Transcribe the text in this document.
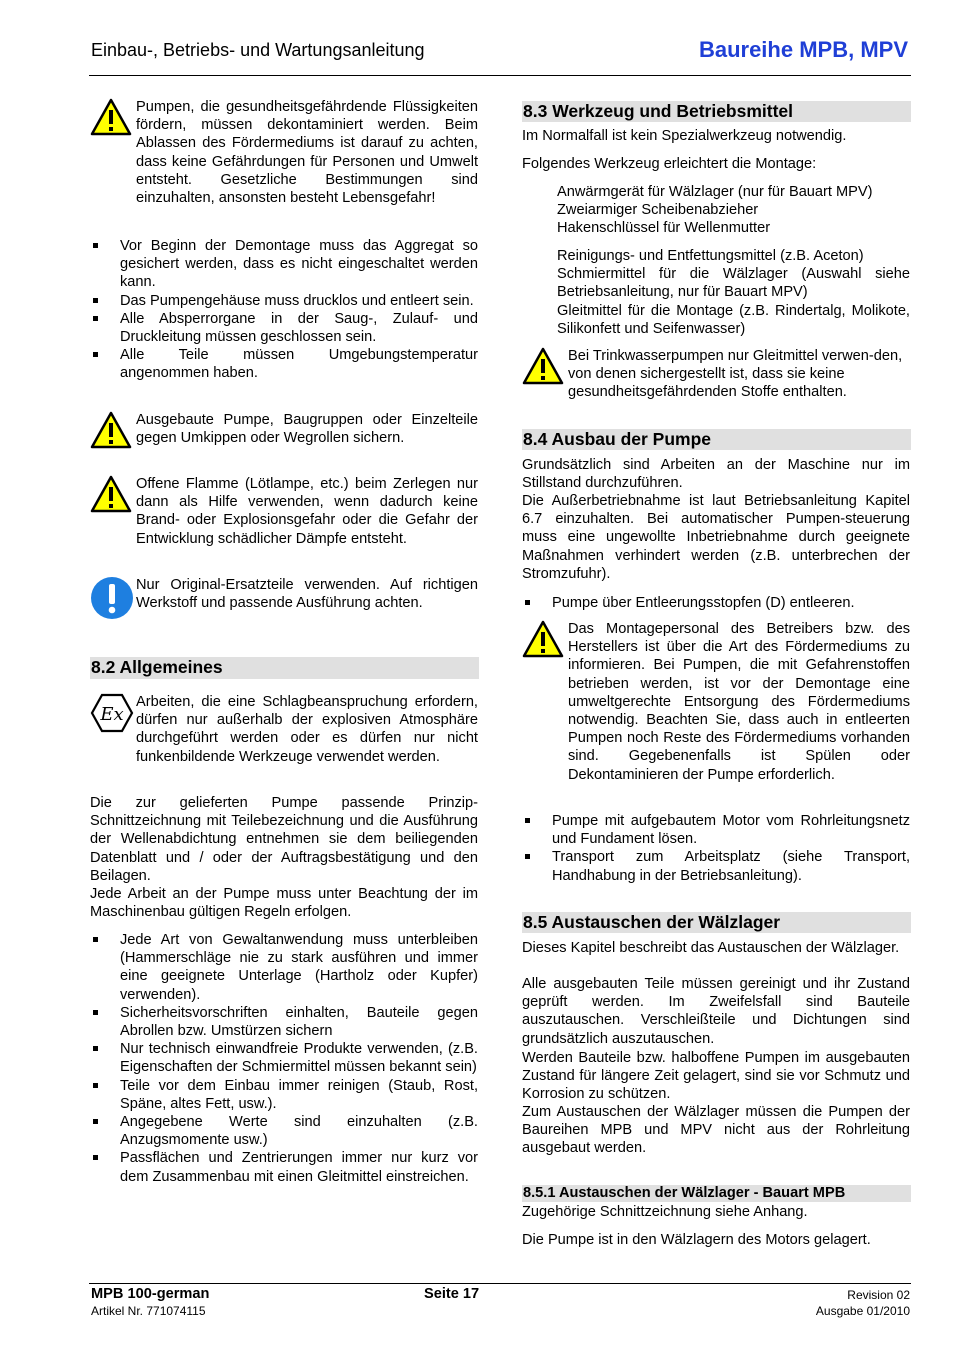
Einbau-, Betriebs- und Wartungsanleitung	Baureihe MPB, MPV

Pumpen, die gesundheitsgefährdende Flüssigkeiten fördern, müssen dekontaminiert werden. Beim Ablassen des Fördermediums ist darauf zu achten, dass keine Gefährdungen für Personen und Umwelt entsteht. Gesetzliche Bestimmungen sind einzuhalten, ansonsten besteht Lebensgefahr!

Vor Beginn der Demontage muss das Aggregat so gesichert werden, dass es nicht eingeschaltet werden kann.
Das Pumpengehäuse muss drucklos und entleert sein.
Alle Absperrorgane in der Saug-, Zulauf- und Druckleitung müssen geschlossen sein.
Alle Teile müssen Umgebungstemperatur angenommen haben.

Ausgebaute Pumpe, Baugruppen oder Einzelteile gegen Umkippen oder Wegrollen sichern.

Offene Flamme (Lötlampe, etc.) beim Zerlegen nur dann als Hilfe verwenden, wenn dadurch keine Brand- oder Explosionsgefahr oder die Gefahr der Entwicklung schädlicher Dämpfe entsteht.

Nur Original-Ersatzteile verwenden. Auf richtigen Werkstoff und passende Ausführung achten.

8.2 Allgemeines
Ex

Arbeiten, die eine Schlagbeanspruchung erfordern, dürfen nur außerhalb der explosiven Atmosphäre durchgeführt werden oder es dürfen nur nicht funkenbildende Werkzeuge verwendet werden.

Die zur gelieferten Pumpe passende Prinzip-Schnittzeichnung mit Teilebezeichnung und die Ausführung der Wellenabdichtung entnehmen sie dem beiliegenden Datenblatt und / oder der Auftragsbestätigung und den Beilagen.

Jede Arbeit an der Pumpe muss unter Beachtung der im Maschinenbau gültigen Regeln erfolgen.

Jede Art von Gewaltanwendung muss unterbleiben (Hammerschläge nie zu stark ausführen und immer eine geeignete Unterlage (Hartholz oder Kupfer) verwenden).
Sicherheitsvorschriften einhalten, Bauteile gegen Abrollen bzw. Umstürzen sichern
Nur technisch einwandfreie Produkte verwenden, (z.B. Eigenschaften der Schmiermittel müssen bekannt sein)
Teile vor dem Einbau immer reinigen (Staub, Rost, Späne, altes Fett, usw.).
Angegebene Werte sind einzuhalten (z.B. Anzugsmomente usw.)
Passflächen und Zentrierungen immer nur kurz vor dem Zusammenbau mit einen Gleitmittel einstreichen.
8.3 Werkzeug und Betriebsmittel

Im Normalfall ist kein Spezialwerkzeug notwendig.

Folgendes Werkzeug erleichtert die Montage:

Anwärmgerät für Wälzlager (nur für Bauart MPV)
Zweiarmiger Scheibenabzieher
Hakenschlüssel für Wellenmutter

Reinigungs- und Entfettungsmittel (z.B. Aceton)

Schmiermittel für die Wälzlager (Auswahl siehe Betriebsanleitung, nur für Bauart MPV)

Gleitmittel für die Montage (z.B. Rindertalg, Molikote, Silikonfett und Seifenwasser)

Bei Trinkwasserpumpen nur Gleitmittel verwen-den, von denen sichergestellt ist, dass sie keine gesundheitsgefährdenden Stoffe enthalten.

8.4 Ausbau der Pumpe

Grundsätzlich sind Arbeiten an der Maschine nur im Stillstand durchzuführen.

Die Außerbetriebnahme ist laut Betriebsanleitung Kapitel 6.7 einzuhalten. Bei automatischer Pumpen-steuerung muss eine ungewollte Inbetriebnahme durch geeignete Maßnahmen verhindert werden (z.B. unterbrechen der Stromzufuhr).

Pumpe über Entleerungsstopfen (D) entleeren.

Das Montagepersonal des Betreibers bzw. des Herstellers ist über die Art des Fördermediums zu informieren. Bei Pumpen, die mit Gefahrenstoffen betrieben werden, ist vor der Demontage eine umweltgerechte Entsorgung des Fördermediums notwendig. Beachten Sie, dass auch in entleerten Pumpen noch Reste des Fördermediums vorhanden sind. Gegebenenfalls ist Spülen oder Dekontaminieren der Pumpe erforderlich.

Pumpe mit aufgebautem Motor vom Rohrleitungsnetz und Fundament lösen.
Transport zum Arbeitsplatz (siehe Transport, Handhabung in der Betriebsanleitung).
8.5 Austauschen der Wälzlager

Dieses Kapitel beschreibt das Austauschen der Wälzlager.

Alle ausgebauten Teile müssen gereinigt und ihr Zustand geprüft werden. Im Zweifelsfall sind Bauteile auszutauschen. Verschleißteile und Dichtungen sind grundsätzlich auszutauschen.

Werden Bauteile bzw. halboffene Pumpen im ausgebauten Zustand für längere Zeit gelagert, sind sie vor Schmutz und Korrosion zu schützen.

Zum Austauschen der Wälzlager müssen die Pumpen der Baureihen MPB und MPV nicht aus der Rohrleitung ausgebaut werden.

8.5.1 Austauschen der Wälzlager - Bauart MPB

Zugehörige Schnittzeichnung siehe Anhang.

Die Pumpe ist in den Wälzlagern des Motors gelagert.

MPB 100-german
Artikel Nr. 771074115
Seite 17	Revision 02
Ausgabe 01/2010
